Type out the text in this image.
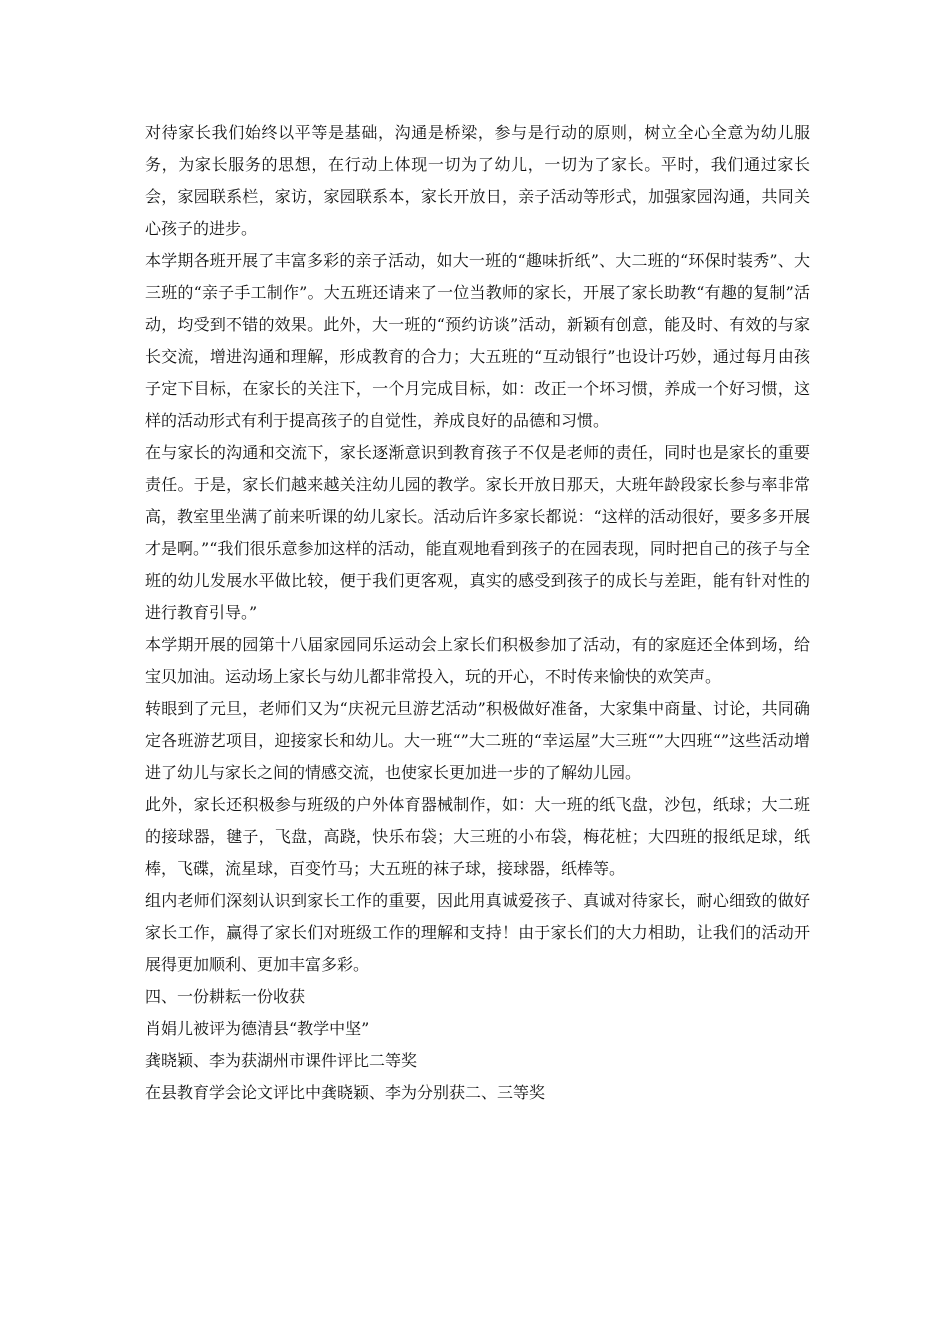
对待家长我们始终以平等是基础，沟通是桥梁，参与是行动的原则，树立全心全意为幼儿服务，为家长服务的思想，在行动上体现一切为了幼儿，一切为了家长。平时，我们通过家长会，家园联系栏，家访，家园联系本，家长开放日，亲子活动等形式，加强家园沟通，共同关心孩子的进步。

本学期各班开展了丰富多彩的亲子活动，如大一班的“趣味折纸”、大二班的“环保时装秀”、大三班的“亲子手工制作”。大五班还请来了一位当教师的家长，开展了家长助教“有趣的复制”活动，均受到不错的效果。此外，大一班的“预约访谈”活动，新颖有创意，能及时、有效的与家长交流，增进沟通和理解，形成教育的合力；大五班的“互动银行”也设计巧妙，通过每月由孩子定下目标，在家长的关注下，一个月完成目标，如：改正一个坏习惯，养成一个好习惯，这样的活动形式有利于提高孩子的自觉性，养成良好的品德和习惯。

在与家长的沟通和交流下，家长逐渐意识到教育孩子不仅是老师的责任，同时也是家长的重要责任。于是，家长们越来越关注幼儿园的教学。家长开放日那天，大班年龄段家长参与率非常高，教室里坐满了前来听课的幼儿家长。活动后许多家长都说：“这样的活动很好，要多多开展才是啊。”“我们很乐意参加这样的活动，能直观地看到孩子的在园表现，同时把自己的孩子与全班的幼儿发展水平做比较，便于我们更客观，真实的感受到孩子的成长与差距，能有针对性的进行教育引导。”

本学期开展的园第十八届家园同乐运动会上家长们积极参加了活动，有的家庭还全体到场，给宝贝加油。运动场上家长与幼儿都非常投入，玩的开心，不时传来愉快的欢笑声。

转眼到了元旦，老师们又为“庆祝元旦游艺活动”积极做好准备，大家集中商量、讨论，共同确定各班游艺项目，迎接家长和幼儿。大一班“”大二班的“幸运屋”大三班“”大四班“”这些活动增进了幼儿与家长之间的情感交流，也使家长更加进一步的了解幼儿园。

此外，家长还积极参与班级的户外体育器械制作，如：大一班的纸飞盘，沙包，纸球；大二班的接球器，毽子，飞盘，高跷，快乐布袋；大三班的小布袋，梅花桩；大四班的报纸足球，纸棒，飞碟，流星球，百变竹马；大五班的袜子球，接球器，纸棒等。

组内老师们深刻认识到家长工作的重要，因此用真诚爱孩子、真诚对待家长，耐心细致的做好家长工作，赢得了家长们对班级工作的理解和支持！由于家长们的大力相助，让我们的活动开展得更加顺利、更加丰富多彩。

四、一份耕耘一份收获

肖娟儿被评为德清县“教学中坚”

龚晓颖、李为获湖州市课件评比二等奖

在县教育学会论文评比中龚晓颖、李为分别获二、三等奖
